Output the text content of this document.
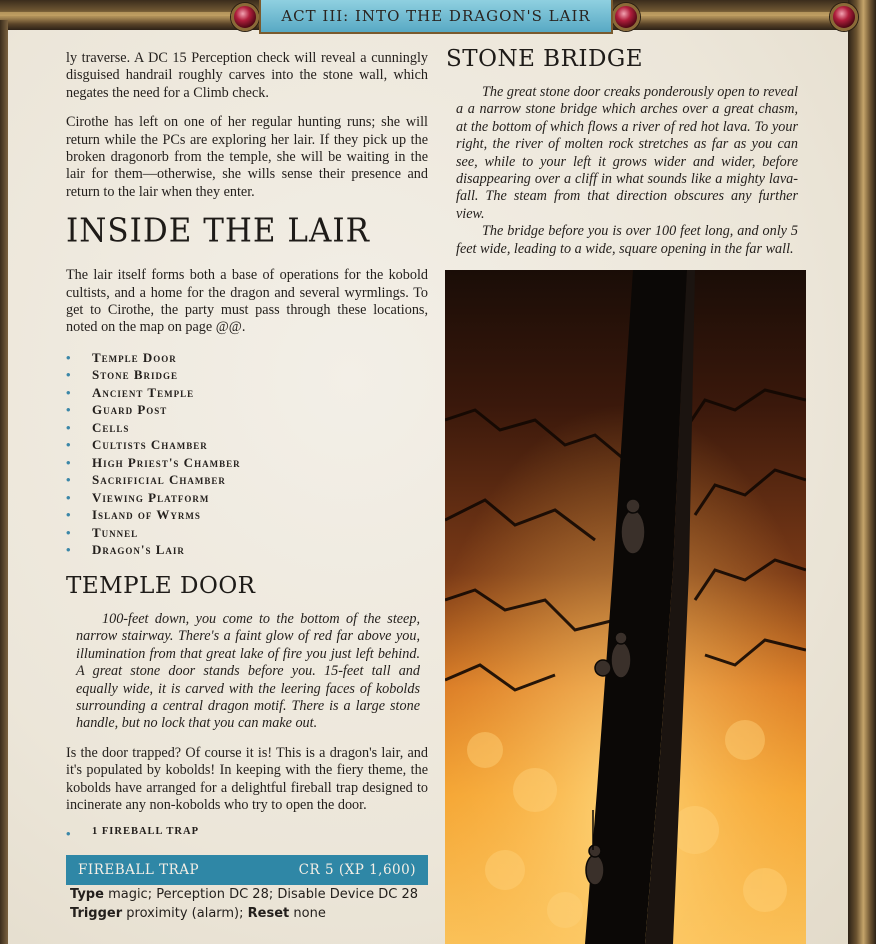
ACT III: INTO THE DRAGON'S LAIR

ly traverse. A DC 15 Perception check will reveal a cunningly disguised handrail roughly carves into the stone wall, which negates the need for a Climb check.

Cirothe has left on one of her regular hunting runs; she will return while the PCs are exploring her lair. If they pick up the broken dragonorb from the temple, she will be waiting in the lair for them—otherwise, she wills sense their presence and return to the lair when they enter.

INSIDE THE LAIR

The lair itself forms both a base of operations for the kobold cultists, and a home for the dragon and several wyrmlings. To get to Cirothe, the party must pass through these locations, noted on the map on page @@.

• Temple Door
• Stone Bridge
• Ancient Temple
• Guard Post
• Cells
• Cultists Chamber
• High Priest's Chamber
• Sacrificial Chamber
• Viewing Platform
• Island of Wyrms
• Tunnel
• Dragon's Lair
TEMPLE DOOR

100-feet down, you come to the bottom of the steep, narrow stairway. There's a faint glow of red far above you, illumination from that great lake of fire you just left behind. A great stone door stands before you. 15-feet tall and equally wide, it is carved with the leering faces of kobolds surrounding a central dragon motif. There is a large stone handle, but no lock that you can make out.

Is the door trapped? Of course it is! This is a dragon's lair, and it's populated by kobolds! In keeping with the fiery theme, the kobolds have arranged for a delightful fireball trap designed to incinerate any non-kobolds who try to open the door.

• 1 FIREBALL TRAP
FIREBALL TRAP	CR 5 (XP 1,600)
Type magic; Perception DC 28; Disable Device DC 28
Trigger proximity (alarm); Reset none
STONE BRIDGE

The great stone door creaks ponderously open to reveal a a narrow stone bridge which arches over a great chasm, at the bottom of which flows a river of red hot lava. To your right, the river of molten rock stretches as far as you can see, while to your left it grows wider and wider, before disappearing over a cliff in what sounds like a mighty lava-fall. The steam from that direction obscures any further view.

The bridge before you is over 100 feet long, and only 5 feet wide, leading to a wide, square opening in the far wall.
